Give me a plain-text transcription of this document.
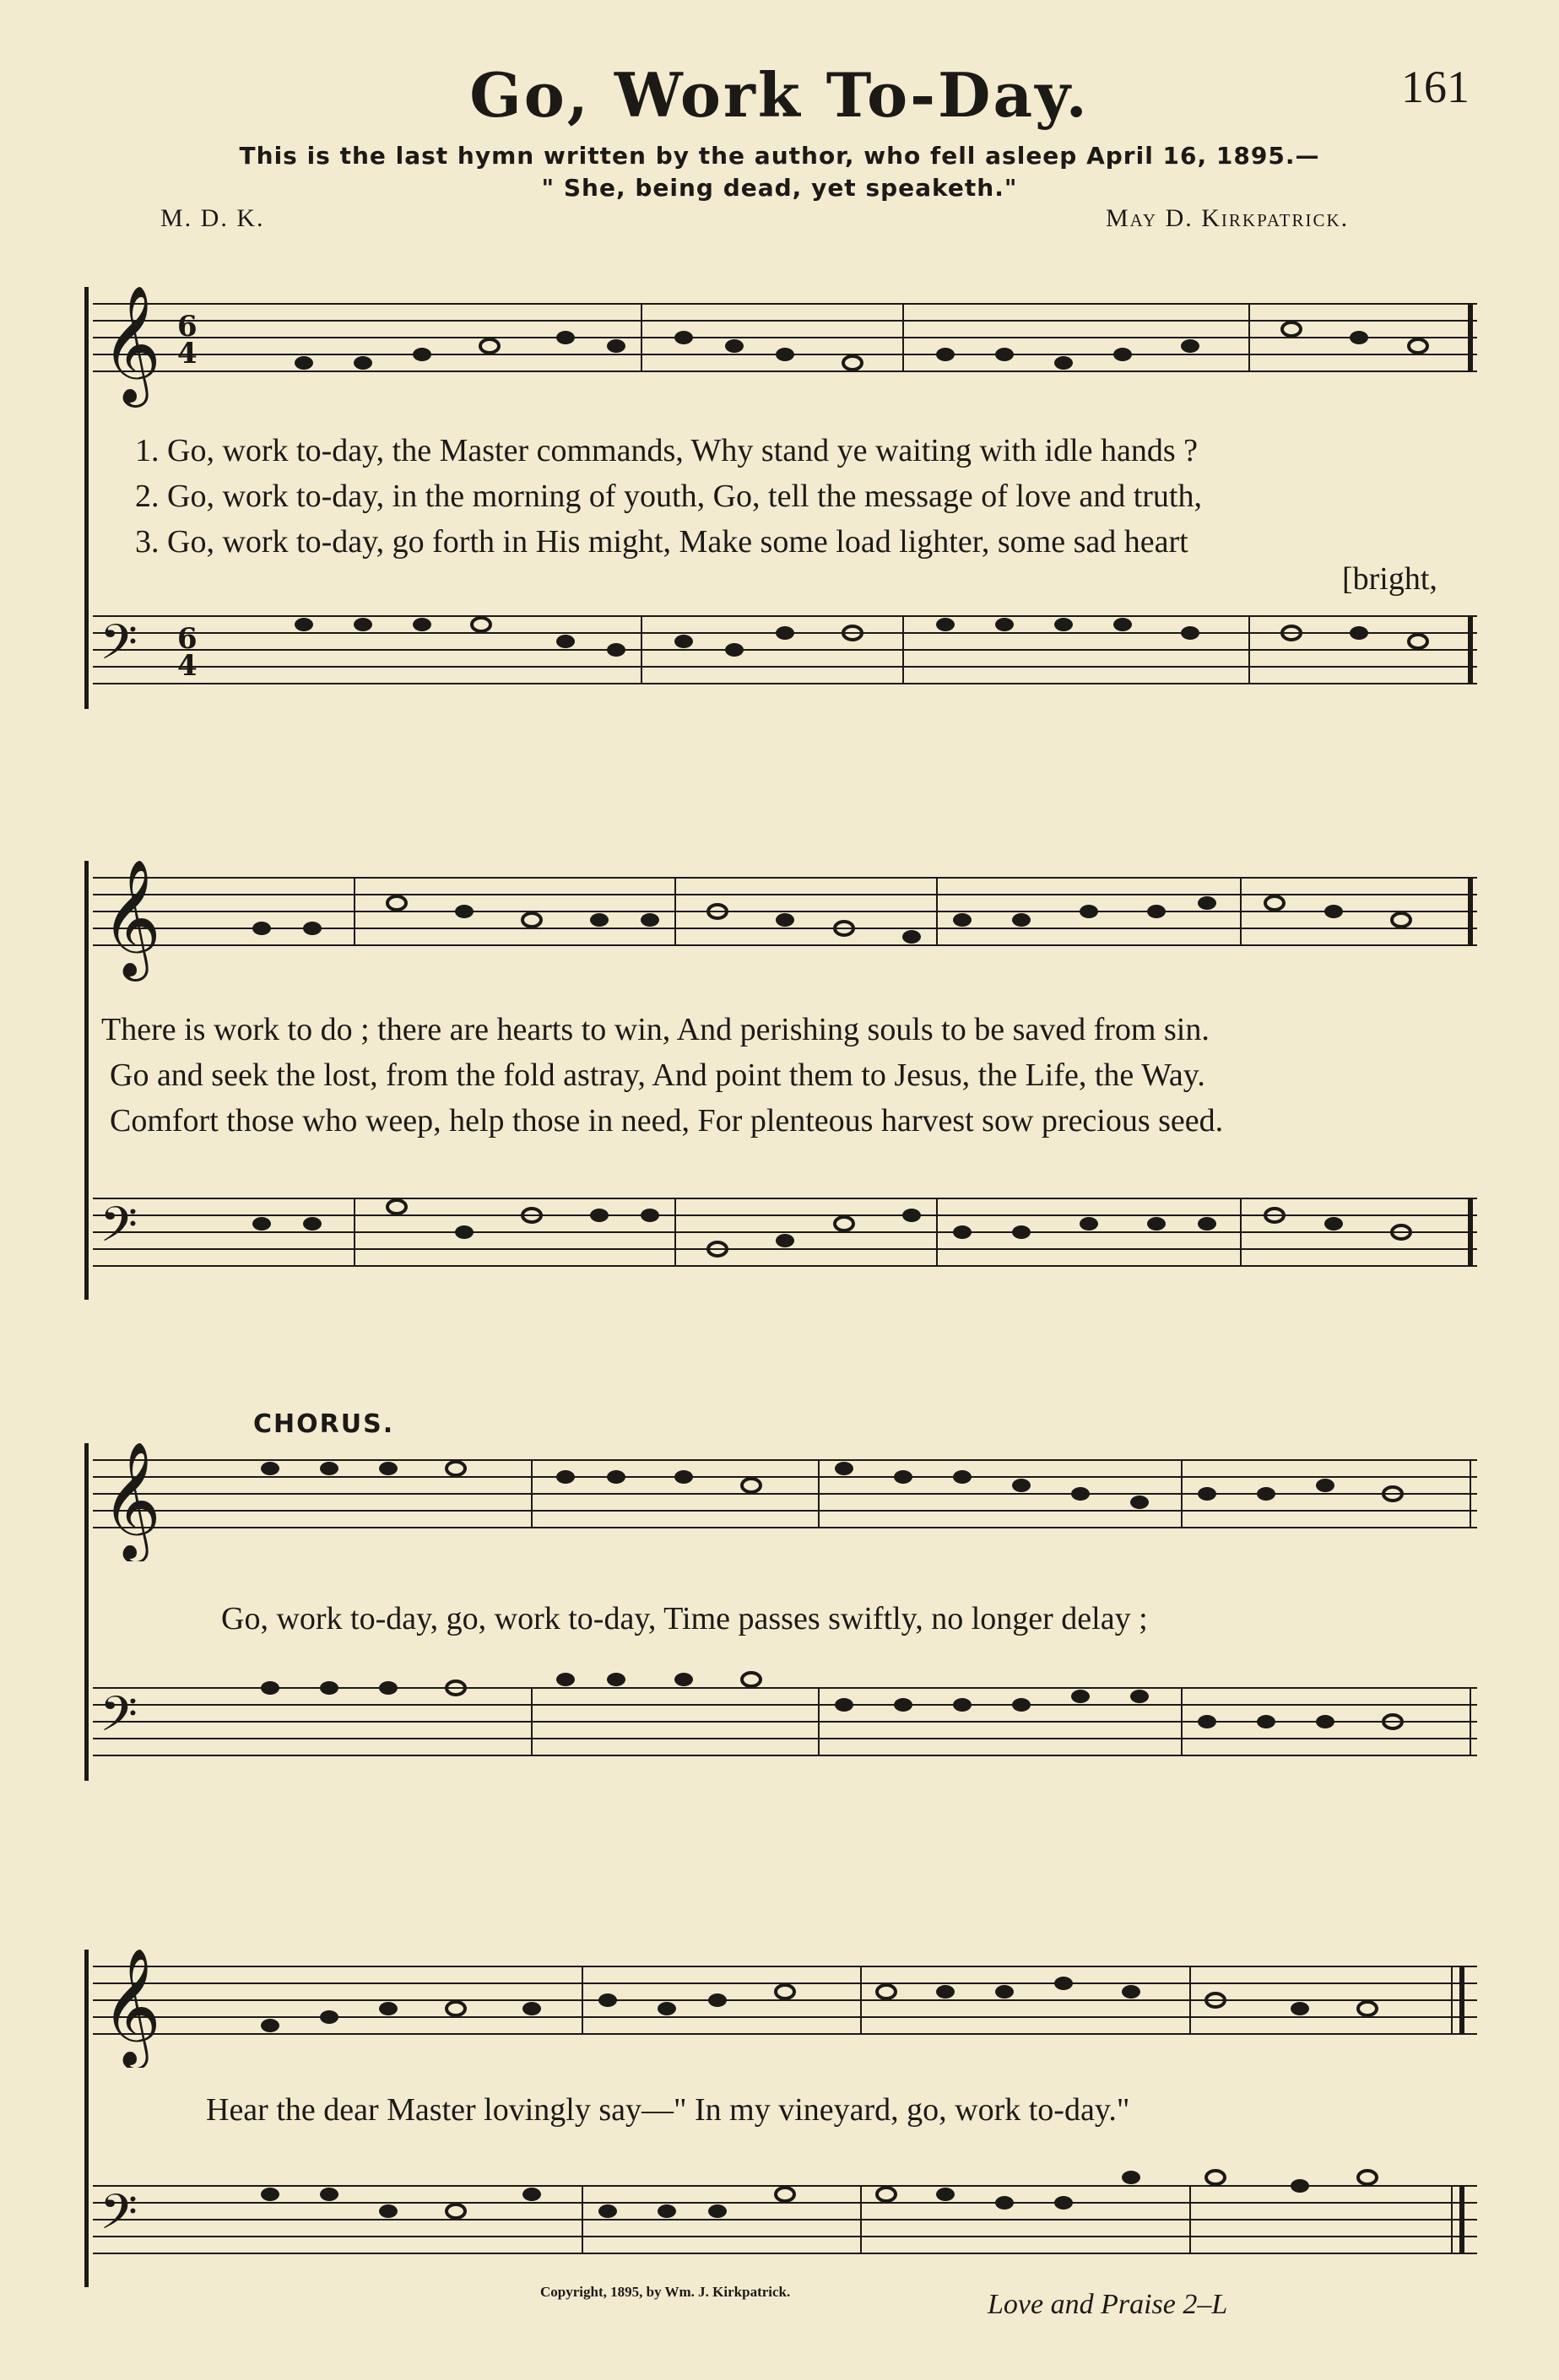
Go, Work To-Day.	161
This is the last hymn written by the author, who fell asleep April 16, 1895.—
" She, being dead, yet speaketh."
M. D. K.	May D. Kirkpatrick.
𝄞 6
4
1. Go, work to-day, the Master commands, Why stand ye waiting with idle hands ?
2. Go, work to-day, in the morning of youth, Go, tell the message of love and truth,
3. Go, work to-day, go forth in His might, Make some load lighter, some sad heart
[bright,
𝄢 6
4
𝄞
There is work to do ; there are hearts to win, And perishing souls to be saved from sin.
Go and seek the lost, from the fold astray, And point them to Jesus, the Life, the Way.
Comfort those who weep, help those in need, For plenteous harvest sow precious seed.
𝄢
CHORUS.
𝄞
Go, work to-day, go, work to-day, Time passes swiftly, no longer delay ;
𝄢
𝄞
Hear the dear Master lovingly say—" In my vineyard, go, work to-day."
𝄢
Copyright, 1895, by Wm. J. Kirkpatrick.	Love and Praise 2–L
